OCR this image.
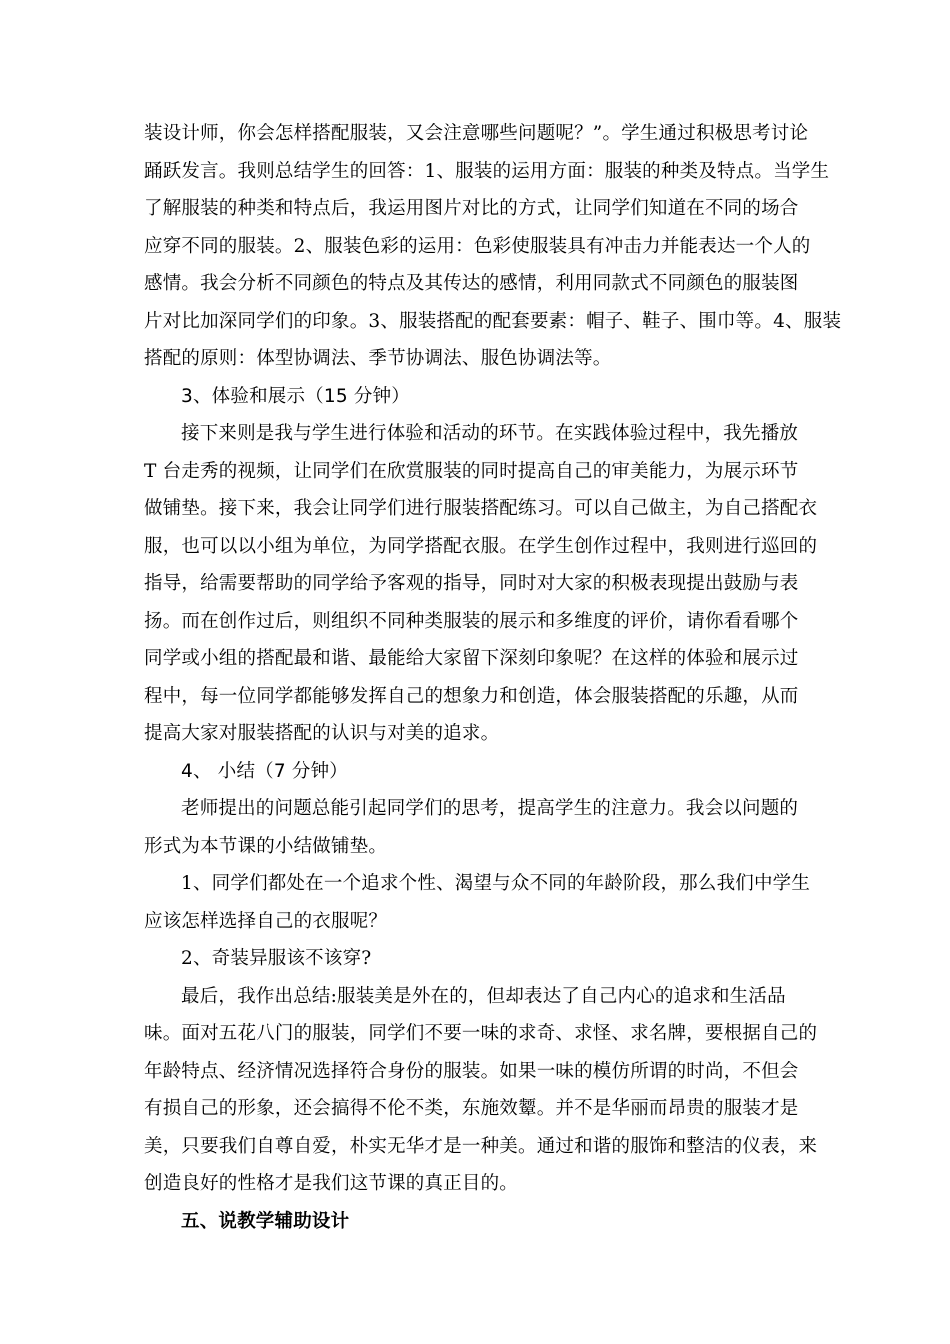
装设计师，你会怎样搭配服装，又会注意哪些问题呢？”。学生通过积极思考讨论
踊跃发言。我则总结学生的回答：1、服装的运用方面：服装的种类及特点。当学生
了解服装的种类和特点后，我运用图片对比的方式，让同学们知道在不同的场合
应穿不同的服装。2、服装色彩的运用：色彩使服装具有冲击力并能表达一个人的
感情。我会分析不同颜色的特点及其传达的感情，利用同款式不同颜色的服装图
片对比加深同学们的印象。3、服装搭配的配套要素：帽子、鞋子、围巾等。4、服装
搭配的原则：体型协调法、季节协调法、服色协调法等。
3、体验和展示（15 分钟）
接下来则是我与学生进行体验和活动的环节。在实践体验过程中，我先播放
T 台走秀的视频，让同学们在欣赏服装的同时提高自己的审美能力，为展示环节
做铺垫。接下来，我会让同学们进行服装搭配练习。可以自己做主，为自己搭配衣
服，也可以以小组为单位，为同学搭配衣服。在学生创作过程中，我则进行巡回的
指导，给需要帮助的同学给予客观的指导，同时对大家的积极表现提出鼓励与表
扬。而在创作过后，则组织不同种类服装的展示和多维度的评价，请你看看哪个
同学或小组的搭配最和谐、最能给大家留下深刻印象呢？在这样的体验和展示过
程中，每一位同学都能够发挥自己的想象力和创造，体会服装搭配的乐趣，从而
提高大家对服装搭配的认识与对美的追求。
4、 小结（7 分钟）
老师提出的问题总能引起同学们的思考，提高学生的注意力。我会以问题的
形式为本节课的小结做铺垫。
1、同学们都处在一个追求个性、渴望与众不同的年龄阶段，那么我们中学生
应该怎样选择自己的衣服呢？
2、奇装异服该不该穿?
最后，我作出总结:服装美是外在的，但却表达了自己内心的追求和生活品
味。面对五花八门的服装，同学们不要一味的求奇、求怪、求名牌，要根据自己的
年龄特点、经济情况选择符合身份的服装。如果一味的模仿所谓的时尚，不但会
有损自己的形象，还会搞得不伦不类，东施效颦。并不是华丽而昂贵的服装才是
美，只要我们自尊自爱，朴实无华才是一种美。通过和谐的服饰和整洁的仪表，来
创造良好的性格才是我们这节课的真正目的。
五、说教学辅助设计
